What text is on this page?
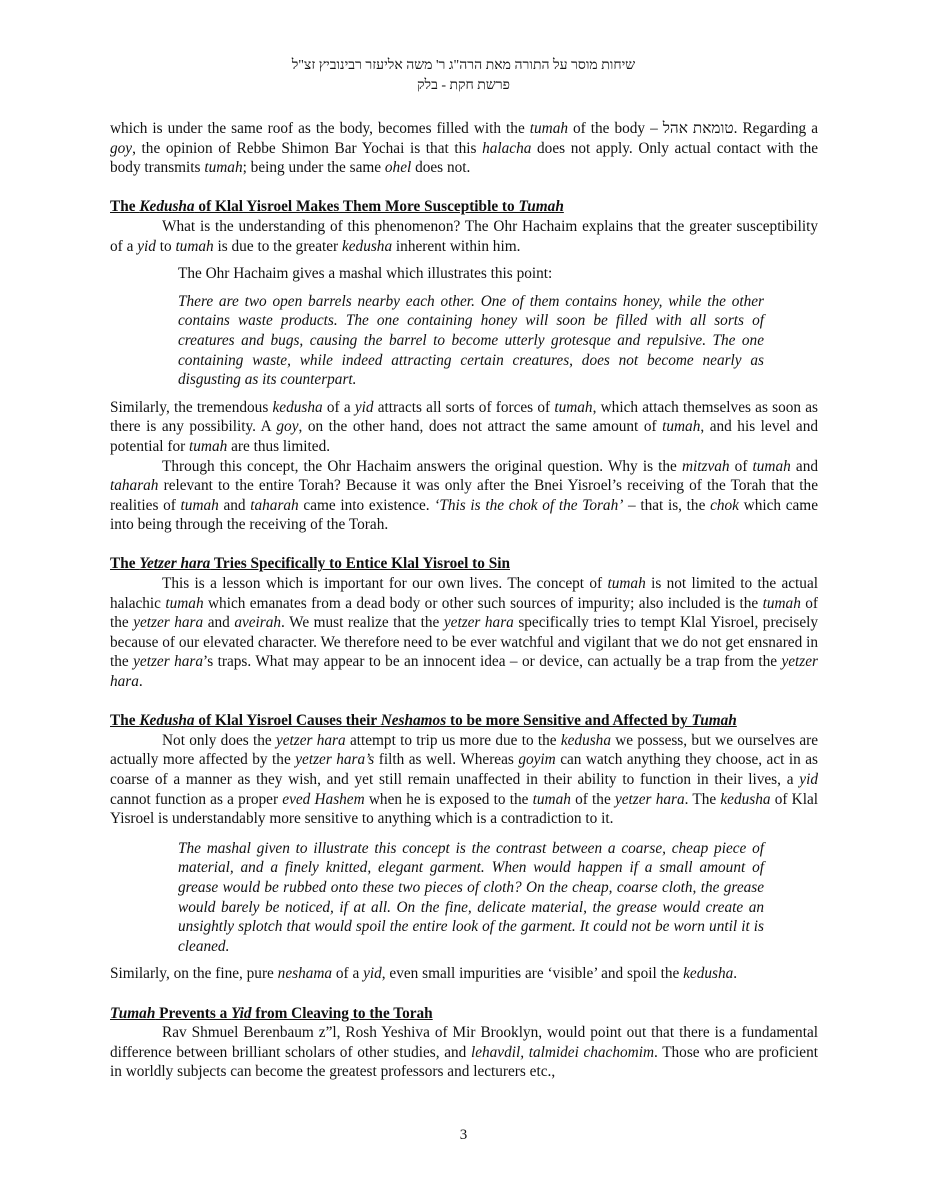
שיחות מוסר על התורה מאת הרה"ג ר' משה אליעזר רבינוביץ זצ"ל
פרשת חקת - בלק

which is under the same roof as the body, becomes filled with the tumah of the body – טומאת אהל. Regarding a goy, the opinion of Rebbe Shimon Bar Yochai is that this halacha does not apply. Only actual contact with the body transmits tumah; being under the same ohel does not.

The Kedusha of Klal Yisroel Makes Them More Susceptible to Tumah

What is the understanding of this phenomenon? The Ohr Hachaim explains that the greater susceptibility of a yid to tumah is due to the greater kedusha inherent within him.

The Ohr Hachaim gives a mashal which illustrates this point:

There are two open barrels nearby each other. One of them contains honey, while the other contains waste products. The one containing honey will soon be filled with all sorts of creatures and bugs, causing the barrel to become utterly grotesque and repulsive. The one containing waste, while indeed attracting certain creatures, does not become nearly as disgusting as its counterpart.

Similarly, the tremendous kedusha of a yid attracts all sorts of forces of tumah, which attach themselves as soon as there is any possibility. A goy, on the other hand, does not attract the same amount of tumah, and his level and potential for tumah are thus limited.

Through this concept, the Ohr Hachaim answers the original question. Why is the mitzvah of tumah and taharah relevant to the entire Torah? Because it was only after the Bnei Yisroel’s receiving of the Torah that the realities of tumah and taharah came into existence. ‘This is the chok of the Torah’ – that is, the chok which came into being through the receiving of the Torah.

The Yetzer hara Tries Specifically to Entice Klal Yisroel to Sin

This is a lesson which is important for our own lives. The concept of tumah is not limited to the actual halachic tumah which emanates from a dead body or other such sources of impurity; also included is the tumah of the yetzer hara and aveirah. We must realize that the yetzer hara specifically tries to tempt Klal Yisroel, precisely because of our elevated character. We therefore need to be ever watchful and vigilant that we do not get ensnared in the yetzer hara’s traps. What may appear to be an innocent idea – or device, can actually be a trap from the yetzer hara.

The Kedusha of Klal Yisroel Causes their Neshamos to be more Sensitive and Affected by Tumah

Not only does the yetzer hara attempt to trip us more due to the kedusha we possess, but we ourselves are actually more affected by the yetzer hara’s filth as well. Whereas goyim can watch anything they choose, act in as coarse of a manner as they wish, and yet still remain unaffected in their ability to function in their lives, a yid cannot function as a proper eved Hashem when he is exposed to the tumah of the yetzer hara. The kedusha of Klal Yisroel is understandably more sensitive to anything which is a contradiction to it.

The mashal given to illustrate this concept is the contrast between a coarse, cheap piece of material, and a finely knitted, elegant garment. When would happen if a small amount of grease would be rubbed onto these two pieces of cloth? On the cheap, coarse cloth, the grease would barely be noticed, if at all. On the fine, delicate material, the grease would create an unsightly splotch that would spoil the entire look of the garment. It could not be worn until it is cleaned.

Similarly, on the fine, pure neshama of a yid, even small impurities are ‘visible’ and spoil the kedusha.

Tumah Prevents a Yid from Cleaving to the Torah

Rav Shmuel Berenbaum z”l, Rosh Yeshiva of Mir Brooklyn, would point out that there is a fundamental difference between brilliant scholars of other studies, and lehavdil, talmidei chachomim. Those who are proficient in worldly subjects can become the greatest professors and lecturers etc.,

3
